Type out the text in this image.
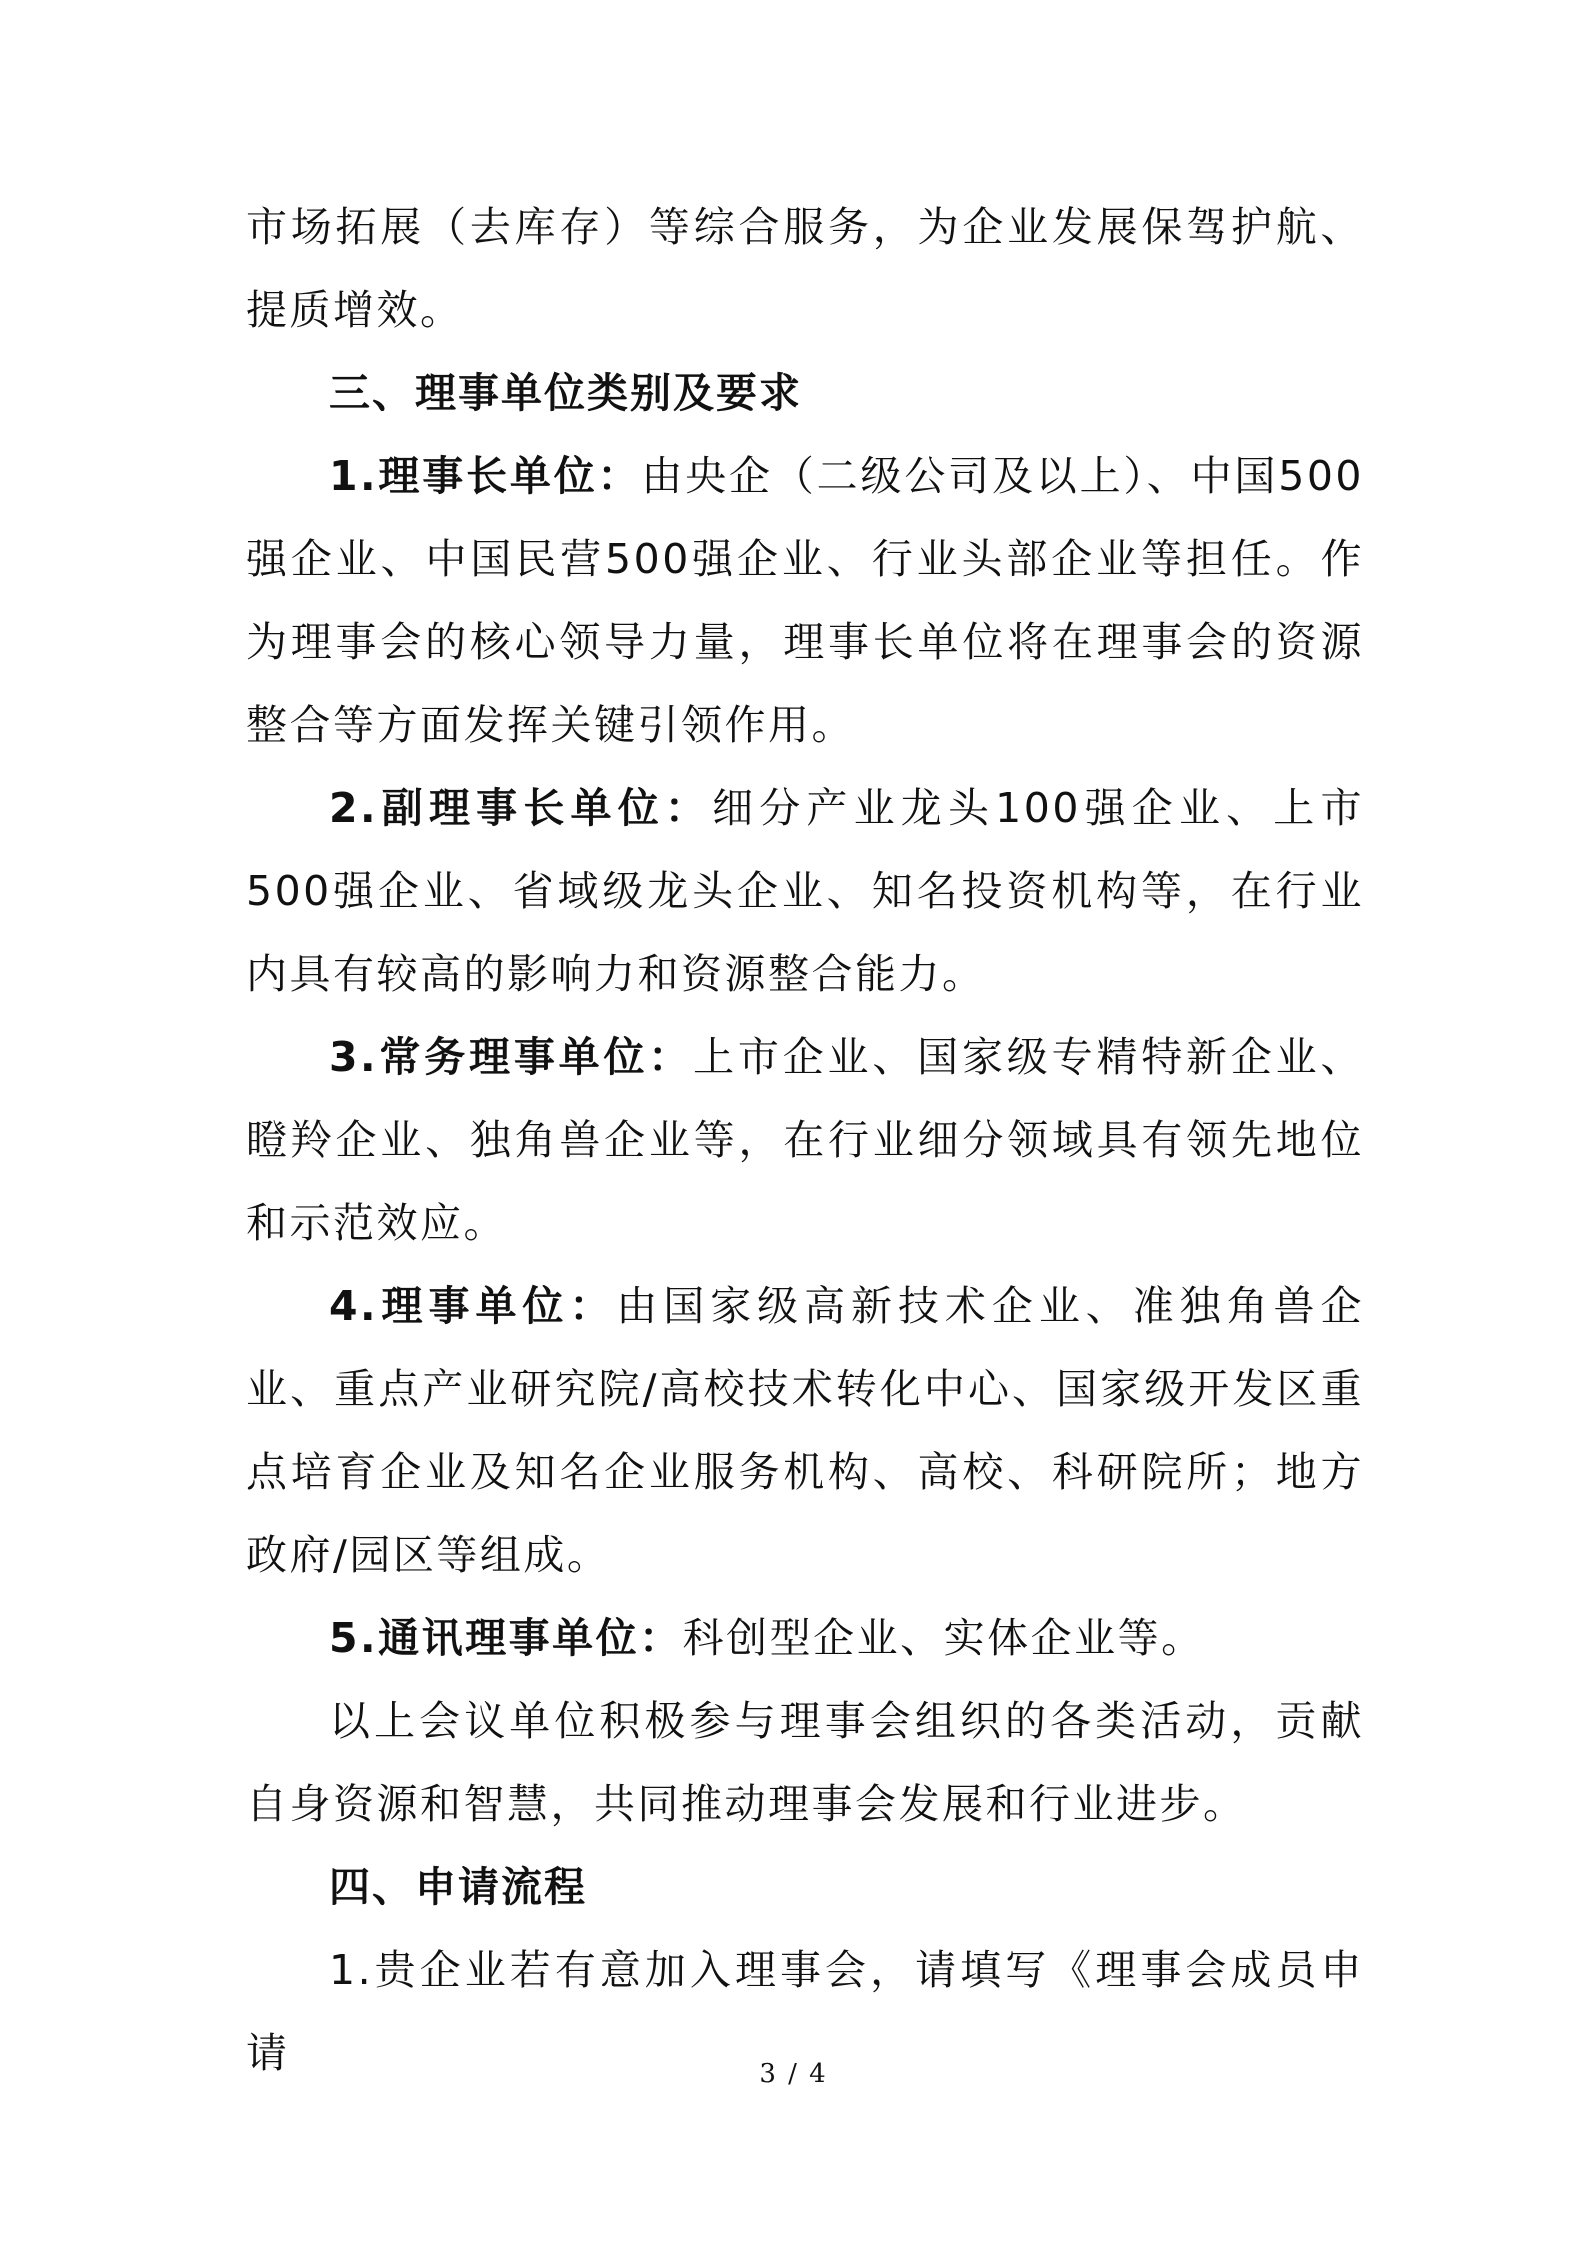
市场拓展（去库存）等综合服务，为企业发展保驾护航、提质增效。

三、理事单位类别及要求

1.理事长单位：由央企（二级公司及以上）、中国500强企业、中国民营500强企业、行业头部企业等担任。作为理事会的核心领导力量，理事长单位将在理事会的资源整合等方面发挥关键引领作用。

2.副理事长单位：细分产业龙头100强企业、上市500强企业、省域级龙头企业、知名投资机构等，在行业内具有较高的影响力和资源整合能力。

3.常务理事单位：上市企业、国家级专精特新企业、瞪羚企业、独角兽企业等，在行业细分领域具有领先地位和示范效应。

4.理事单位：由国家级高新技术企业、准独角兽企业、重点产业研究院/高校技术转化中心、国家级开发区重点培育企业及知名企业服务机构、高校、科研院所；地方政府/园区等组成。

5.通讯理事单位：科创型企业、实体企业等。

以上会议单位积极参与理事会组织的各类活动，贡献自身资源和智慧，共同推动理事会发展和行业进步。

四、申请流程

1.贵企业若有意加入理事会，请填写《理事会成员申请	3 / 4
